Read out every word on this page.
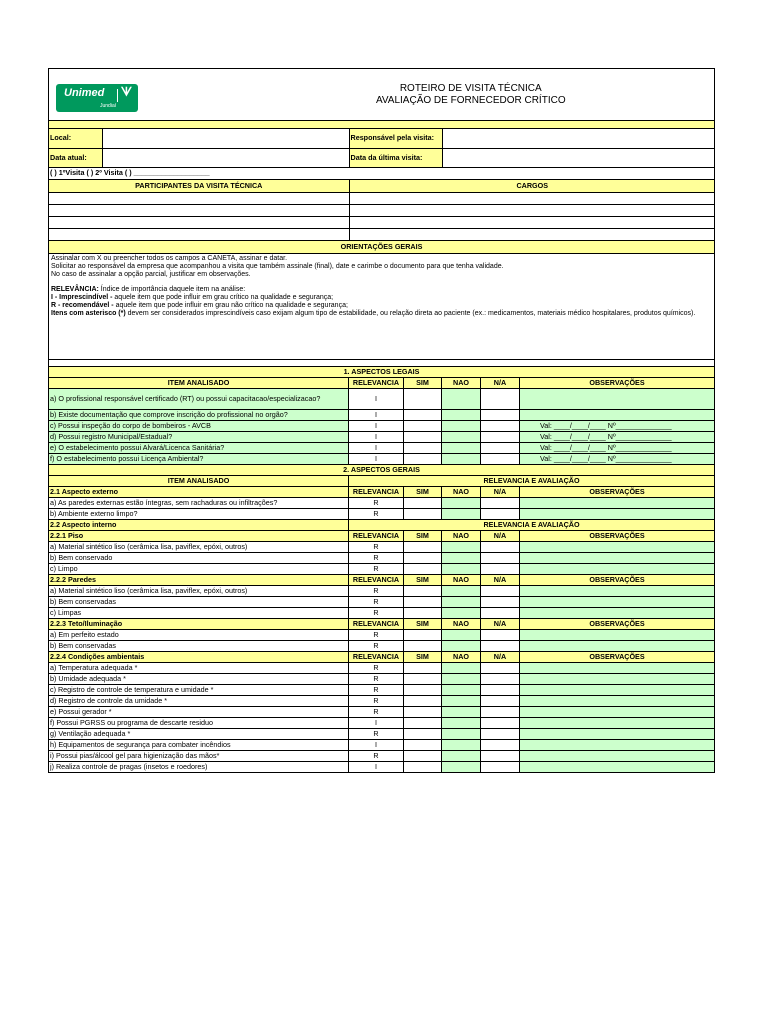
Unimed ᗐ
Jundiaí

ROTEIRO DE VISITA TÉCNICA
AVALIAÇÃO DE FORNECEDOR CRÍTICO

Local:		Responsável pela visita:	
Data atual:		Data da última visita:	
( ) 1ºVisita ( ) 2º Visita ( ) ___________________

PARTICIPANTES DA VISITA TÉCNICA	CARGOS

ORIENTAÇÕES GERAIS

Assinalar com X ou preencher todos os campos a CANETA, assinar e datar.
Solicitar ao responsável da empresa que acompanhou a visita que também assinale (final), date e carimbe o documento para que tenha validade.
No caso de assinalar a opção parcial, justificar em observações.
RELEVÂNCIA: Índice de importância daquele item na análise:
I - Imprescindível - aquele item que pode influir em grau crítico na qualidade e segurança;
R - recomendável - aquele item que pode influir em grau não crítico na qualidade e segurança;
Itens com asterisco (*) devem ser considerados imprescindíveis caso exijam algum tipo de estabilidade, ou relação direta ao paciente (ex.: medicamentos, materiais médico hospitalares, produtos químicos).

1. ASPECTOS LEGAIS
ITEM ANALISADO	RELEVANCIA	SIM	NAO	N/A	OBSERVAÇÕES
a) O profissional responsável certificado (RT) ou possui capacitacao/especializacao?	I				
b) Existe documentação que comprove inscrição do profissional no orgão?	I				
c) Possui inspeção do corpo de bombeiros - AVCB	I				Val: ____/____/____ Nº______________
d) Possui registro Municipal/Estadual?	I				Val: ____/____/____ Nº______________
e) O estabelecimento possui Alvará/Licenca Sanitária?	I				Val: ____/____/____ Nº______________
f) O estabelecimento possui Licença Ambiental?	I				Val: ____/____/____ Nº______________
2. ASPECTOS GERAIS
ITEM ANALISADO	RELEVANCIA E AVALIAÇÃO
2.1 Aspecto externo	RELEVANCIA	SIM	NAO	N/A	OBSERVAÇÕES
a) As paredes externas estão íntegras, sem rachaduras ou infiltrações?	R				
b) Ambiente externo limpo?	R				
2.2 Aspecto interno	RELEVANCIA E AVALIAÇÃO
2.2.1 Piso	RELEVANCIA	SIM	NAO	N/A	OBSERVAÇÕES
a) Material sintético liso (cerâmica lisa, paviflex, epóxi, outros)	R				
b) Bem conservado	R				
c) Limpo	R				
2.2.2 Paredes	RELEVANCIA	SIM	NAO	N/A	OBSERVAÇÕES
a) Material sintético liso (cerâmica lisa, paviflex, epóxi, outros)	R				
b) Bem conservadas	R				
c) Limpas	R				
2.2.3 Teto/Iluminação	RELEVANCIA	SIM	NAO	N/A	OBSERVAÇÕES
a) Em perfeito estado	R				
b) Bem conservadas	R				
2.2.4 Condições ambientais	RELEVANCIA	SIM	NAO	N/A	OBSERVAÇÕES
a) Temperatura adequada *	R				
b) Umidade adequada *	R				
c) Registro de controle de temperatura e umidade *	R				
d) Registro de controle da umidade *	R				
e) Possui gerador *	R				
f) Possui PGRSS ou programa de descarte residuo	I				
g) Ventilação adequada *	R				
h) Equipamentos de segurança para combater incêndios	I				
i) Possui pias/álcool gel para higienização das mãos*	R				
j) Realiza controle de pragas (insetos e roedores)	I				
